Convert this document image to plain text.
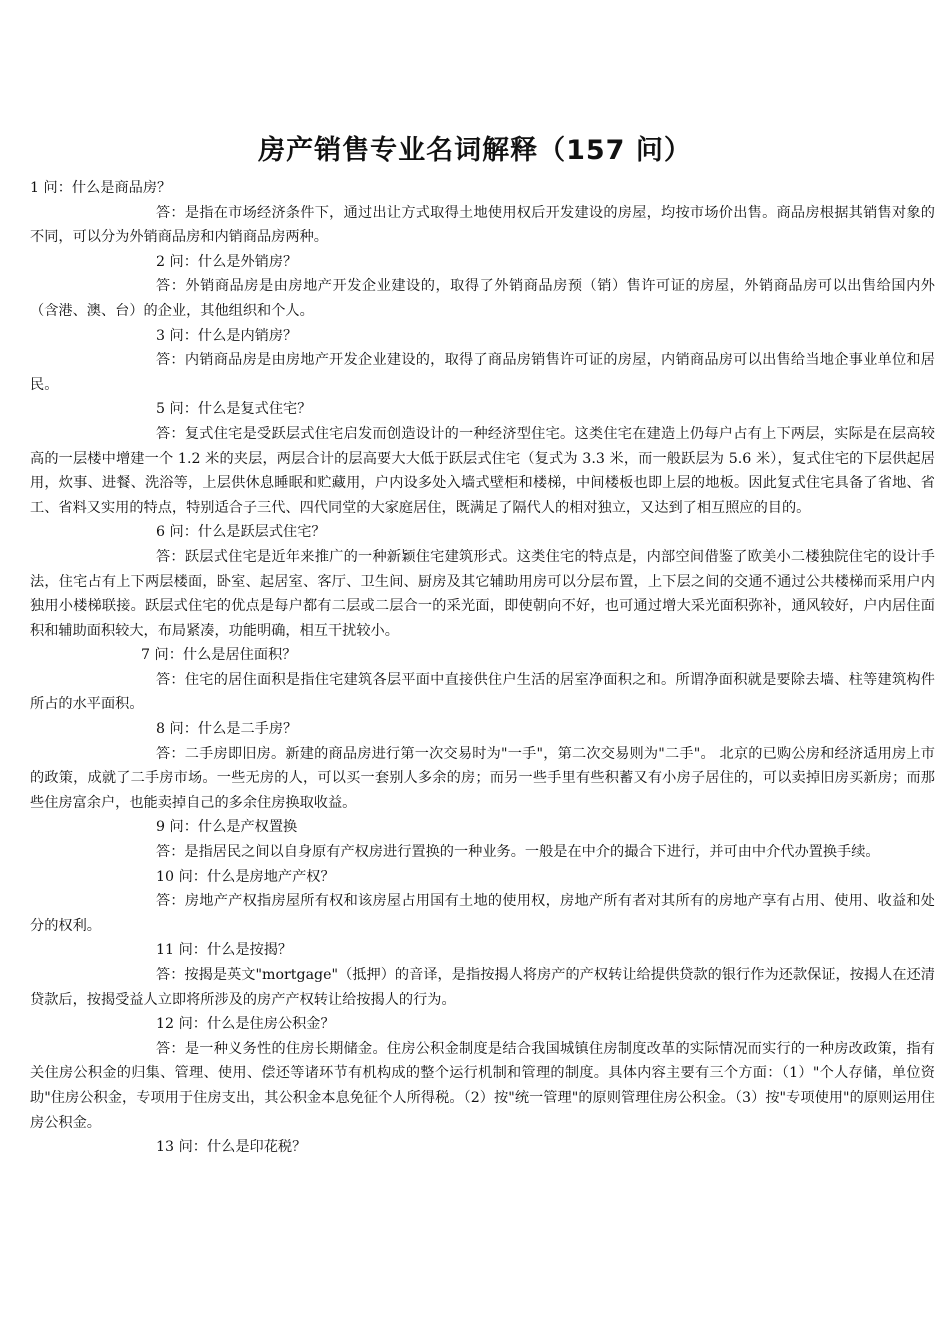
房产销售专业名词解释（157 问）

1 问：什么是商品房？

答：是指在市场经济条件下，通过出让方式取得土地使用权后开发建设的房屋，均按市场价出售。商品房根据其销售对象的不同，可以分为外销商品房和内销商品房两种。

2 问：什么是外销房？

答：外销商品房是由房地产开发企业建设的，取得了外销商品房预（销）售许可证的房屋，外销商品房可以出售给国内外（含港、澳、台）的企业，其他组织和个人。

3 问：什么是内销房？

答：内销商品房是由房地产开发企业建设的，取得了商品房销售许可证的房屋，内销商品房可以出售给当地企事业单位和居民。

5 问：什么是复式住宅？

答：复式住宅是受跃层式住宅启发而创造设计的一种经济型住宅。这类住宅在建造上仍每户占有上下两层，实际是在层高较高的一层楼中增建一个 1.2 米的夹层，两层合计的层高要大大低于跃层式住宅（复式为 3.3 米，而一般跃层为 5.6 米），复式住宅的下层供起居用，炊事、进餐、洗浴等，上层供休息睡眠和贮藏用，户内设多处入墙式壁柜和楼梯，中间楼板也即上层的地板。因此复式住宅具备了省地、省工、省料又实用的特点，特别适合子三代、四代同堂的大家庭居住，既满足了隔代人的相对独立，又达到了相互照应的目的。

6 问：什么是跃层式住宅？

答：跃层式住宅是近年来推广的一种新颖住宅建筑形式。这类住宅的特点是，内部空间借鉴了欧美小二楼独院住宅的设计手法，住宅占有上下两层楼面，卧室、起居室、客厅、卫生间、厨房及其它辅助用房可以分层布置，上下层之间的交通不通过公共楼梯而采用户内独用小楼梯联接。跃层式住宅的优点是每户都有二层或二层合一的采光面，即使朝向不好，也可通过增大采光面积弥补，通风较好，户内居住面积和辅助面积较大，布局紧凑，功能明确，相互干扰较小。

7 问：什么是居住面积？

答：住宅的居住面积是指住宅建筑各层平面中直接供住户生活的居室净面积之和。所谓净面积就是要除去墙、柱等建筑构件所占的水平面积。

8 问：什么是二手房？

答：二手房即旧房。新建的商品房进行第一次交易时为"一手"，第二次交易则为"二手"。 北京的已购公房和经济适用房上市的政策，成就了二手房市场。一些无房的人，可以买一套别人多余的房；而另一些手里有些积蓄又有小房子居住的，可以卖掉旧房买新房；而那些住房富余户，也能卖掉自己的多余住房换取收益。

9 问：什么是产权置换

答：是指居民之间以自身原有产权房进行置换的一种业务。一般是在中介的撮合下进行，并可由中介代办置换手续。

10 问：什么是房地产产权？

答：房地产产权指房屋所有权和该房屋占用国有土地的使用权，房地产所有者对其所有的房地产享有占用、使用、收益和处分的权利。

11 问：什么是按揭？

答：按揭是英文"mortgage"（抵押）的音译，是指按揭人将房产的产权转让给提供贷款的银行作为还款保证，按揭人在还清贷款后，按揭受益人立即将所涉及的房产产权转让给按揭人的行为。

12 问：什么是住房公积金？

答：是一种义务性的住房长期储金。住房公积金制度是结合我国城镇住房制度改革的实际情况而实行的一种房改政策，指有关住房公积金的归集、管理、使用、偿还等诸环节有机构成的整个运行机制和管理的制度。具体内容主要有三个方面：（1）"个人存储，单位资助"住房公积金，专项用于住房支出，其公积金本息免征个人所得税。（2）按"统一管理"的原则管理住房公积金。（3）按"专项使用"的原则运用住房公积金。

13 问：什么是印花税？
